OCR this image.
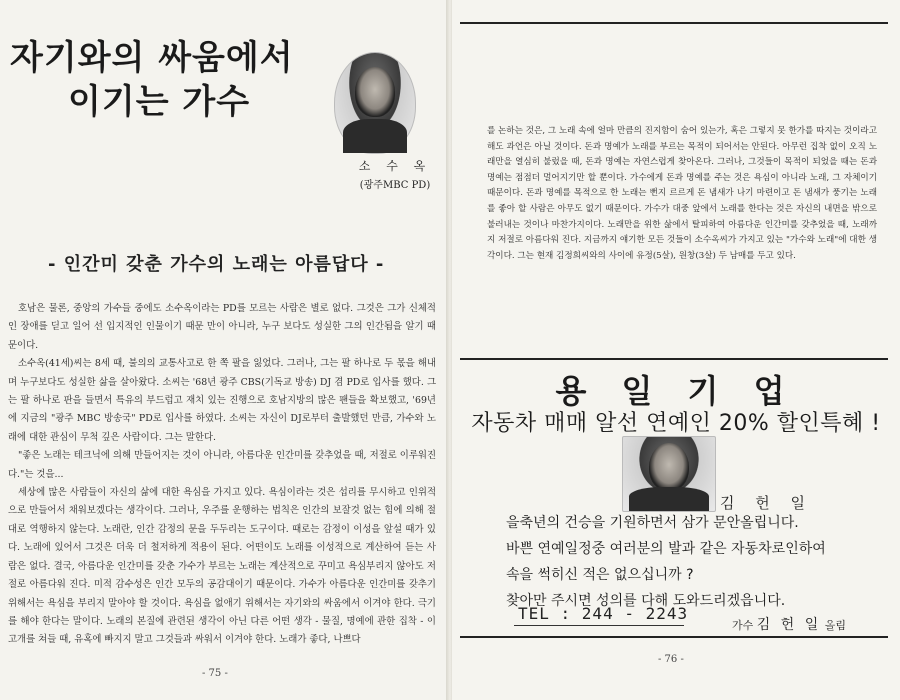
자기와의 싸움에서
이기는 가수
소 수 옥
(광주MBC PD)
- 인간미 갖춘 가수의 노래는 아름답다 -

호남은 물론, 중앙의 가수들 중에도 소수옥이라는 PD를 모르는 사람은 별로 없다. 그것은 그가 신체적인 장애를 딛고 일어 선 입지적인 인물이기 때문 만이 아니라, 누구 보다도 성실한 그의 인간됨을 알기 때문이다.

소수옥(41세)씨는 8세 때, 불의의 교통사고로 한 쪽 팔을 잃었다. 그러나, 그는 팔 하나로 두 몫을 해내며 누구보다도 성실한 삶을 살아왔다. 소씨는 '68년 광주 CBS(기독교 방송) DJ 겸 PD로 입사를 했다. 그는 팔 하나로 판을 들면서 특유의 부드럽고 재치 있는 진행으로 호남지방의 많은 팬들을 확보했고, '69년에 지금의 "광주 MBC 방송국" PD로 입사를 하였다. 소씨는 자신이 DJ로부터 출발했던 만큼, 가수와 노래에 대한 관심이 무척 깊은 사람이다. 그는 말한다.

"좋은 노래는 테크닉에 의해 만들어지는 것이 아니라, 아름다운 인간미를 갖추었을 때, 저절로 이루워진다."는 것을...

세상에 많은 사람들이 자신의 삶에 대한 욕심을 가지고 있다. 욕심이라는 것은 섭리를 무시하고 인위적으로 만들어서 채워보겠다는 생각이다. 그러나, 우주를 운행하는 법칙은 인간의 보잘것 없는 힘에 의해 절대로 역행하지 않는다. 노래란, 인간 감정의 문을 두두리는 도구이다. 때로는 감정이 이성을 앞설 때가 있다. 노래에 있어서 그것은 더욱 더 철저하게 적용이 된다. 어떤이도 노래를 이성적으로 계산하여 듣는 사람은 없다. 결국, 아름다운 인간미를 갖춘 가수가 부르는 노래는 계산적으로 꾸미고 욕심부리지 않아도 저절로 아름다워 진다. 미적 감수성은 인간 모두의 공감대이기 때문이다. 가수가 아름다운 인간미를 갖추기 위해서는 욕심을 부리지 말아야 할 것이다. 욕심을 없애기 위해서는 자기와의 싸움에서 이겨야 한다. 극기를 해야 한다는 말이다. 노래의 본질에 관련된 생각이 아닌 다른 어떤 생각 - 물질, 명예에 관한 집착 - 이 고개를 쳐들 때, 유혹에 빠지지 말고 그것들과 싸워서 이겨야 한다. 노래가 좋다, 나쁘다

- 75 -

를 논하는 것은, 그 노래 속에 얼마 만큼의 진지함이 숨어 있는가, 혹은 그렇지 못 한가를 따지는 것이라고 해도 과언은 아닐 것이다. 돈과 명예가 노래를 부르는 목적이 되어서는 안된다. 아무런 집착 없이 오직 노래만을 열심히 불렀을 때, 돈과 명예는 자연스럽게 찾아온다. 그러나, 그것들이 목적이 되었을 때는 돈과 명예는 점점더 멀어지기만 할 뿐이다. 가수에게 돈과 명예를 주는 것은 욕심이 아니라 노래, 그 자체이기 때문이다. 돈과 명예를 목적으로 한 노래는 뻔지 르르게 돈 냄새가 나기 마련이고 돈 냄새가 풍기는 노래를 좋아 할 사람은 아무도 없기 때문이다. 가수가 대중 앞에서 노래를 한다는 것은 자신의 내면을 밖으로 불러내는 것이나 마찬가지이다. 노래만을 위한 삶에서 탈피하여 아름다운 인간미를 갖추었을 때, 노래까지 저절로 아름다워 진다. 지금까지 얘기한 모든 것들이 소수옥씨가 가지고 있는 "가수와 노래"에 대한 생각이다. 그는 현재 김정희씨와의 사이에 유정(5살), 원창(3살) 두 남매를 두고 있다.

용 일 기 업
자동차 매매 알선 연예인 20% 할인특혜 !
김 헌 일
을축년의 건승을 기원하면서 삼가 문안올립니다.
바쁜 연예일정중 여러분의 발과 같은 자동차로인하여
속을 썩히신 적은 없으십니까 ?
찾아만 주시면 성의를 다해 도와드리겠읍니다.
TEL : 244 - 2243
가수 김 헌 일 올림
- 76 -
